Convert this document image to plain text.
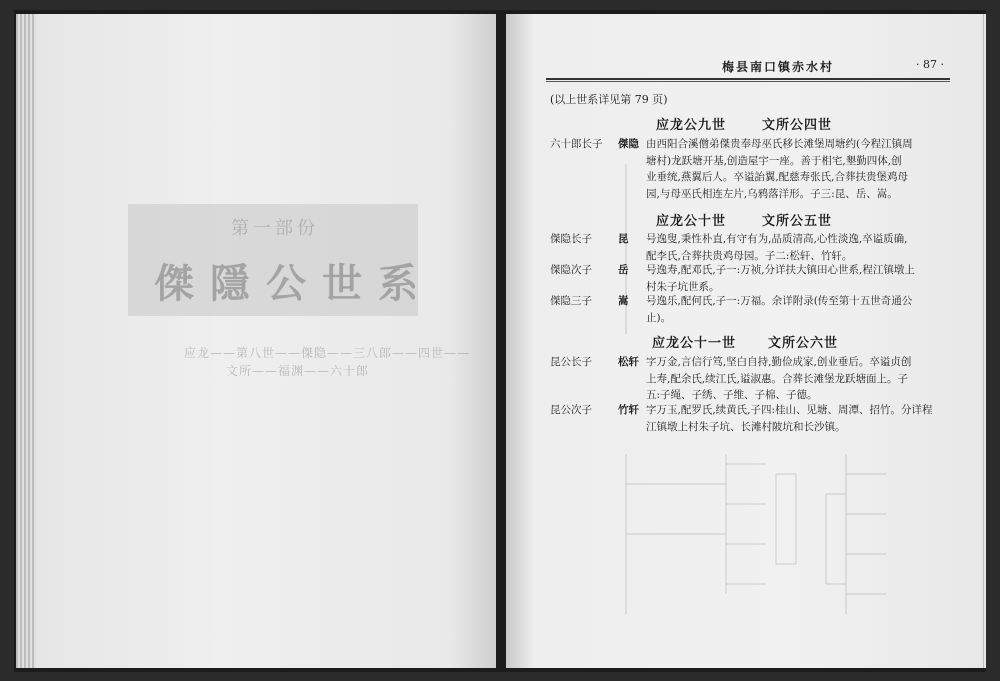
第一部份
傑隱公世系
应龙——第八世——傑隐——三八郎——四世——
文所——福渊——六十郎
梅县南口镇赤水村	· 87 ·
(以上世系详见第 79 页)
应龙公九世	文所公四世
六十郎长子	傑隐 由西阳合溪僧弟傑贵奉母巫氏移长滩堡周塘约(今程江镇周
塘村)龙跃塘开基,创造屋宇一座。善于相宅,墾勤四体,创
业垂统,燕翼后人。卒谥詒翼,配慈寿张氏,合葬扶贵堡鸡母
园,与母巫氏相连左片,乌鸦落洋形。子三:昆、岳、嵩。
应龙公十世	文所公五世
傑隐长子	昆	号逸叟,秉性朴直,有守有为,品质清高,心性淡逸,卒谥质确,
配李氏,合葬扶贵鸡母园。子二:松轩、竹轩。
傑隐次子	岳	号逸寿,配邓氏,子一:万祯,分详扶大镇田心世系,程江镇墩上
村朱子坑世系。
傑隐三子	嵩	号逸乐,配何氏,子一:万福。余详附录(传至第十五世奇通公
止)。
应龙公十一世 文所公六世
昆公长子	松轩 字万金,言信行笃,坚白自持,勤俭成家,创业垂后。卒谥贞创
上寿,配余氏,续江氏,谥淑惠。合葬长滩堡龙跃塘面上。子
五:子绳、子绣、子维、子棉、子德。
昆公次子	竹轩 字万玉,配罗氏,续黄氏,子四:桂山、见塘、周潭、招竹。分详程
江镇墩上村朱子坑、长滩村陂坑和长沙镇。
